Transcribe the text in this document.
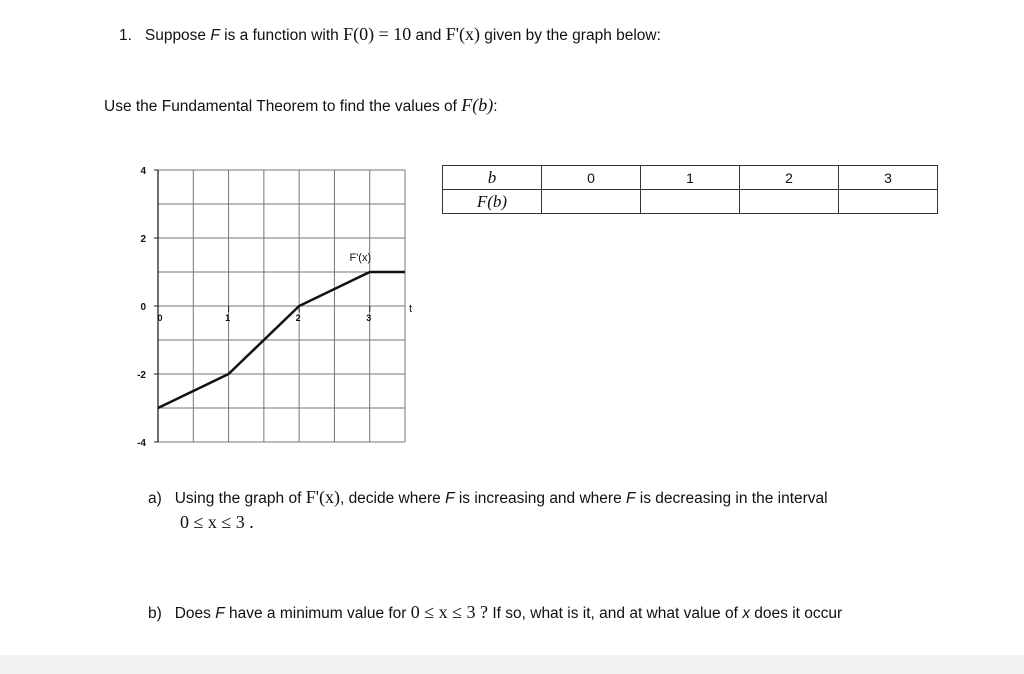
1. Suppose F is a function with F(0) = 10 and F'(x) given by the graph below:
Use the Fundamental Theorem to find the values of F(b):
4
2
0
-2
-4
0	1	2	3
t
F'(x)
b	0	1	2	3
F(b)				
a) Using the graph of F'(x), decide where F is increasing and where F is decreasing in the interval
0 ≤ x ≤ 3 .
b) Does F have a minimum value for 0 ≤ x ≤ 3 ? If so, what is it, and at what value of x does it occur
